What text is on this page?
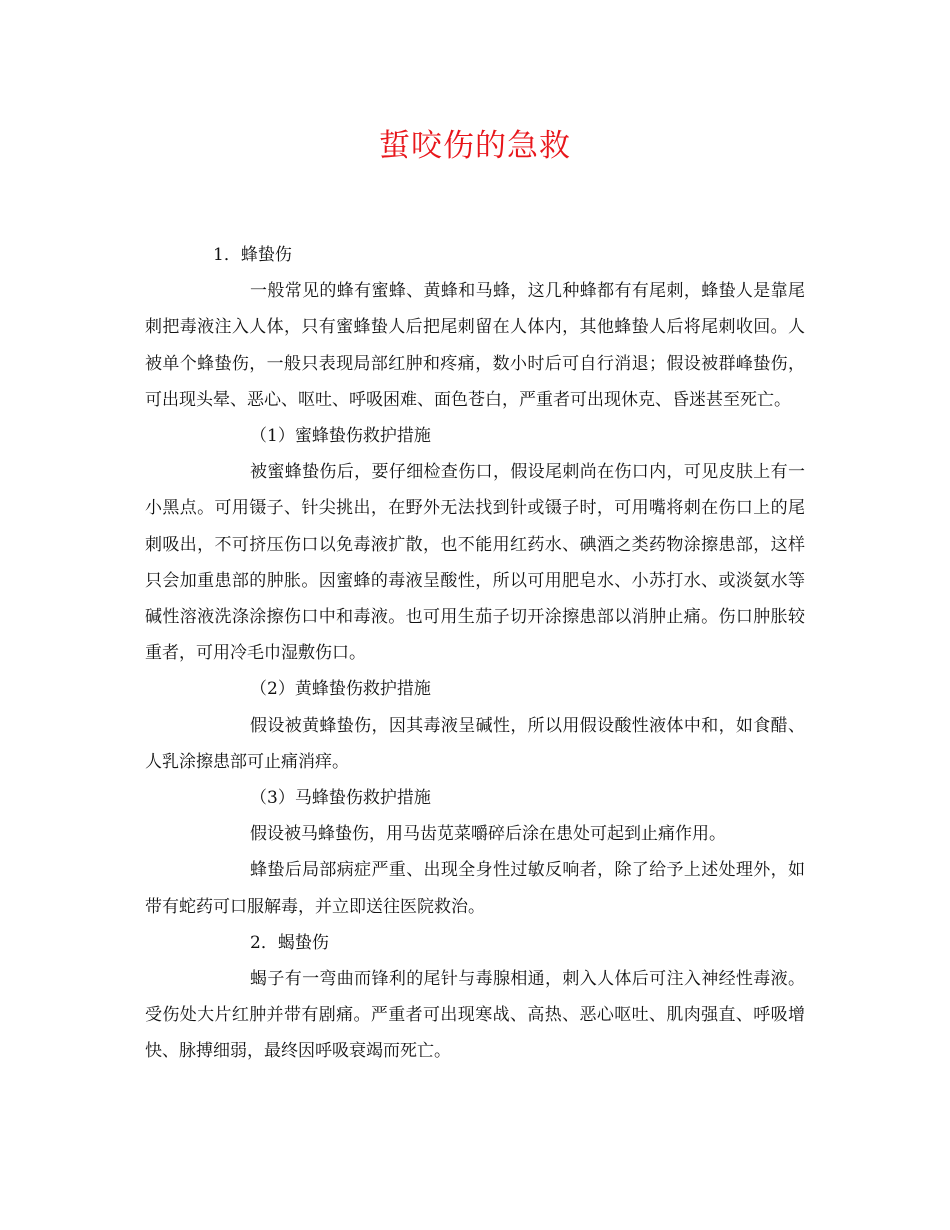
蜇咬伤的急救

1．蜂蛰伤

一般常见的蜂有蜜蜂、黄蜂和马蜂，这几种蜂都有有尾刺，蜂蛰人是靠尾刺把毒液注入人体，只有蜜蜂蛰人后把尾刺留在人体内，其他蜂蛰人后将尾刺收回。人被单个蜂蛰伤，一般只表现局部红肿和疼痛，数小时后可自行消退；假设被群峰蛰伤，可出现头晕、恶心、呕吐、呼吸困难、面色苍白，严重者可出现休克、昏迷甚至死亡。

（1）蜜蜂蛰伤救护措施

被蜜蜂蛰伤后，要仔细检查伤口，假设尾刺尚在伤口内，可见皮肤上有一小黑点。可用镊子、针尖挑出，在野外无法找到针或镊子时，可用嘴将刺在伤口上的尾刺吸出，不可挤压伤口以免毒液扩散，也不能用红药水、碘酒之类药物涂擦患部，这样只会加重患部的肿胀。因蜜蜂的毒液呈酸性，所以可用肥皂水、小苏打水、或淡氨水等碱性溶液洗涤涂擦伤口中和毒液。也可用生茄子切开涂擦患部以消肿止痛。伤口肿胀较重者，可用冷毛巾湿敷伤口。

（2）黄蜂蛰伤救护措施

假设被黄蜂蛰伤，因其毒液呈碱性，所以用假设酸性液体中和，如食醋、人乳涂擦患部可止痛消痒。

（3）马蜂蛰伤救护措施

假设被马蜂蛰伤，用马齿苋菜嚼碎后涂在患处可起到止痛作用。

蜂蛰后局部病症严重、出现全身性过敏反响者，除了给予上述处理外，如带有蛇药可口服解毒，并立即送往医院救治。

2．蝎蛰伤

蝎子有一弯曲而锋利的尾针与毒腺相通，刺入人体后可注入神经性毒液。受伤处大片红肿并带有剧痛。严重者可出现寒战、高热、恶心呕吐、肌肉强直、呼吸增快、脉搏细弱，最终因呼吸衰竭而死亡。
